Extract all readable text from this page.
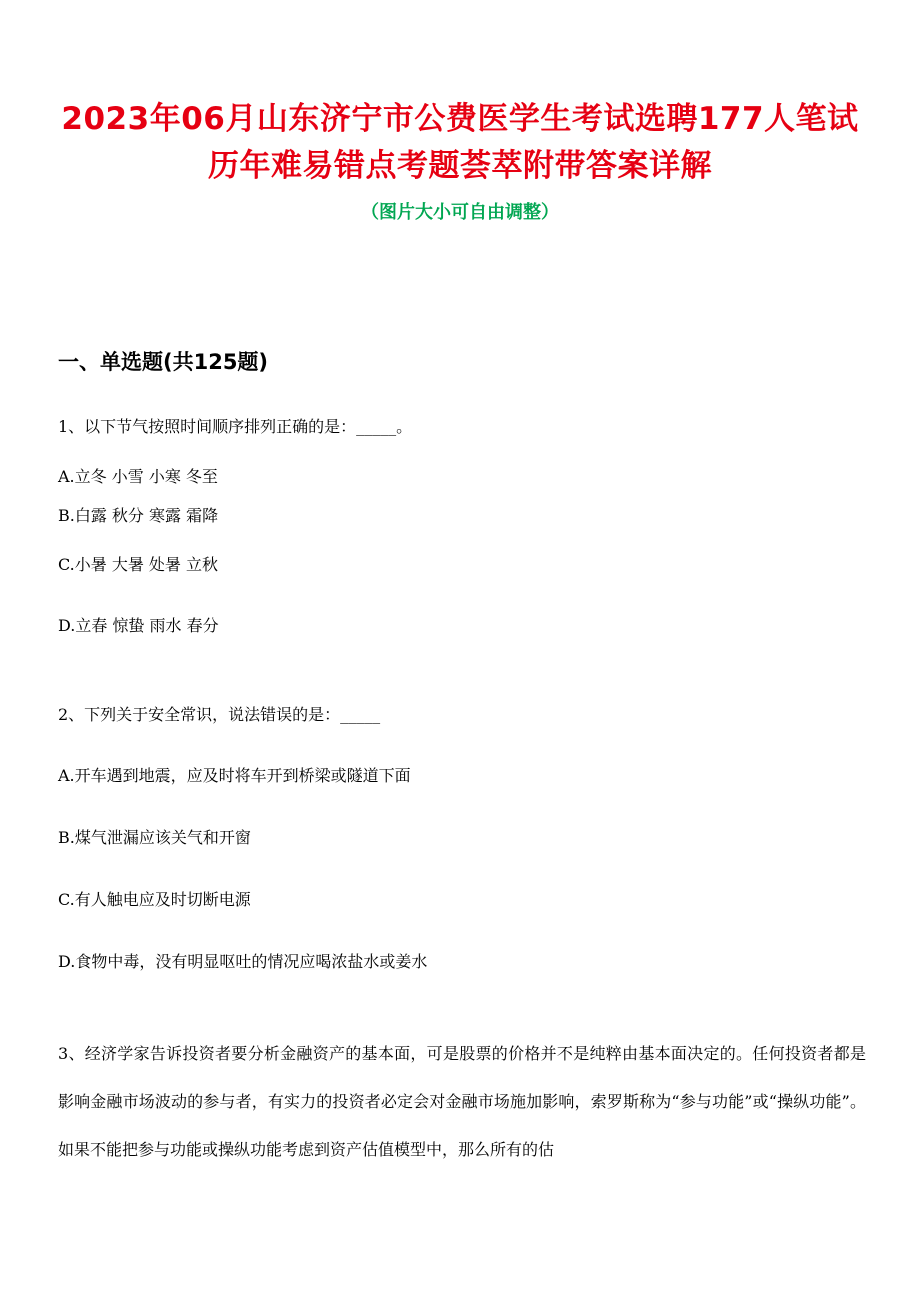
2023年06月山东济宁市公费医学生考试选聘177人笔试
历年难易错点考题荟萃附带答案详解
（图片大小可自由调整）
一、单选题(共125题)
1、以下节气按照时间顺序排列正确的是：_____。
A.立冬 小雪 小寒 冬至
B.白露 秋分 寒露 霜降
C.小暑 大暑 处暑 立秋
D.立春 惊蛰 雨水 春分
2、下列关于安全常识，说法错误的是：_____
A.开车遇到地震，应及时将车开到桥梁或隧道下面
B.煤气泄漏应该关气和开窗
C.有人触电应及时切断电源
D.食物中毒，没有明显呕吐的情况应喝浓盐水或姜水
3、经济学家告诉投资者要分析金融资产的基本面，可是股票的价格并不是纯粹由基本面决定的。任何投资者都是影响金融市场波动的参与者，有实力的投资者必定会对金融市场施加影响，索罗斯称为“参与功能”或“操纵功能”。如果不能把参与功能或操纵功能考虑到资产估值模型中，那么所有的估
